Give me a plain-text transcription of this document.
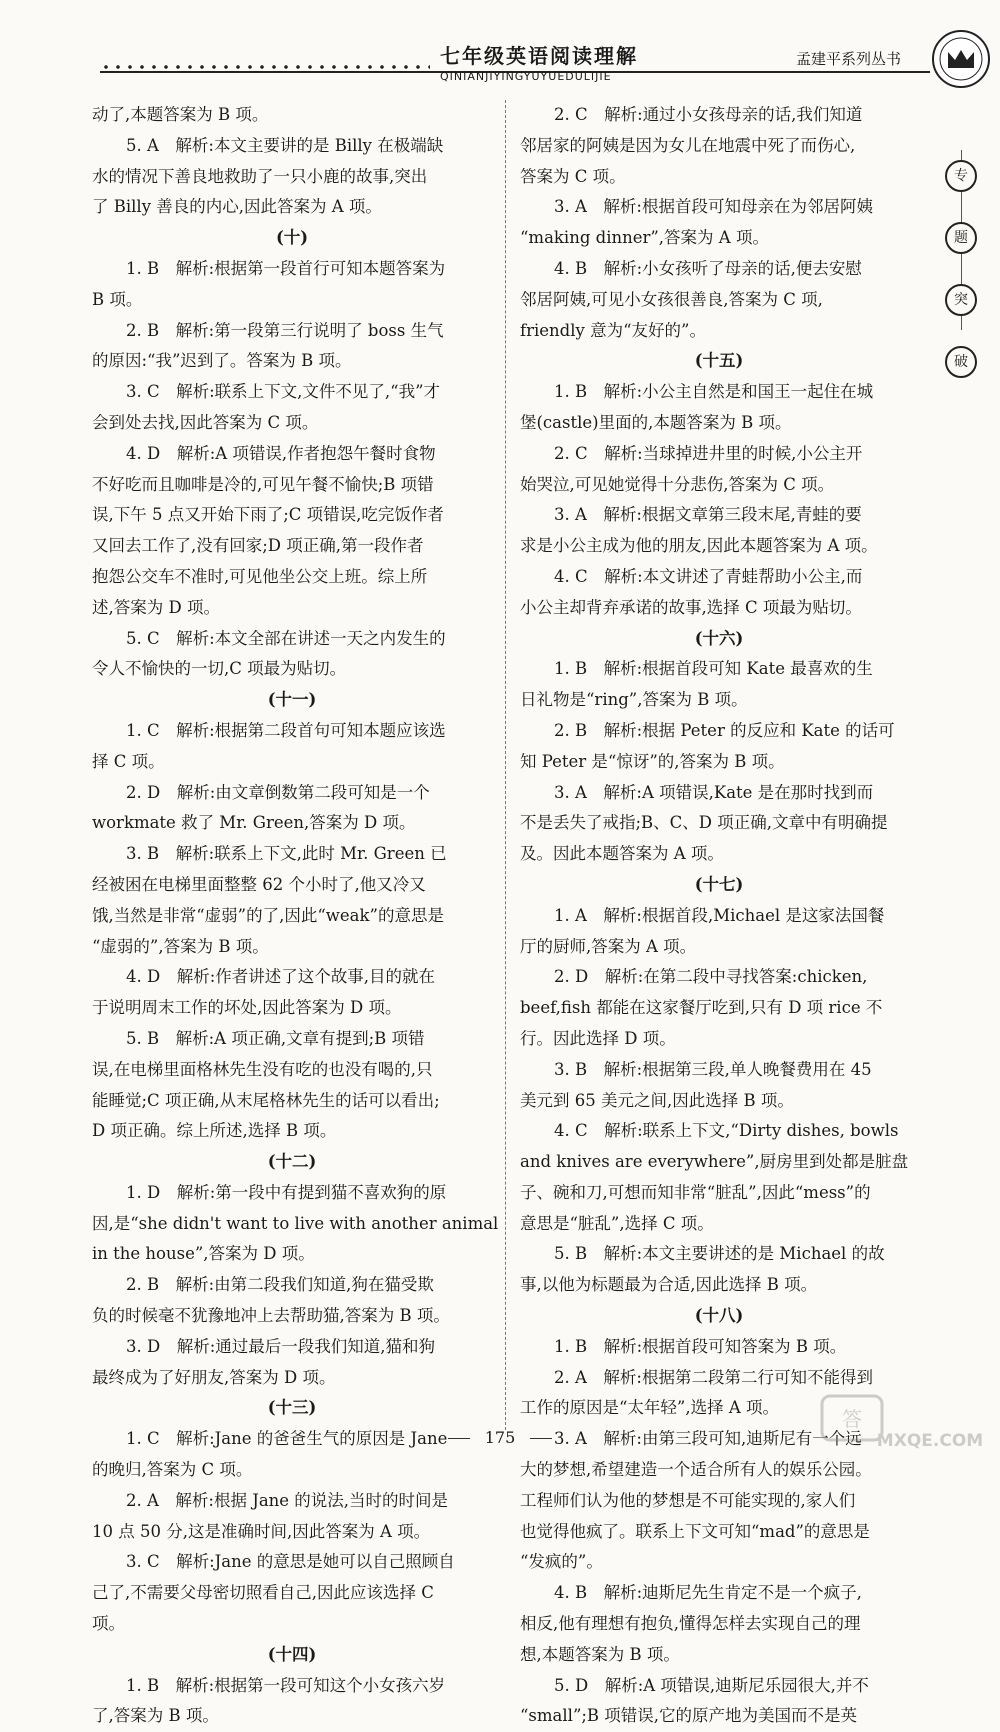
七年级英语阅读理解
QINIANJIYINGYUYUEDULIJIE
孟建平系列丛书
专
题
突
破
动了,本题答案为 B 项。
5. A　解析:本文主要讲的是 Billy 在极端缺
水的情况下善良地救助了一只小鹿的故事,突出
了 Billy 善良的内心,因此答案为 A 项。
(十)
1. B　解析:根据第一段首行可知本题答案为
B 项。
2. B　解析:第一段第三行说明了 boss 生气
的原因:“我”迟到了。答案为 B 项。
3. C　解析:联系上下文,文件不见了,“我”才
会到处去找,因此答案为 C 项。
4. D　解析:A 项错误,作者抱怨午餐时食物
不好吃而且咖啡是冷的,可见午餐不愉快;B 项错
误,下午 5 点又开始下雨了;C 项错误,吃完饭作者
又回去工作了,没有回家;D 项正确,第一段作者
抱怨公交车不准时,可见他坐公交上班。综上所
述,答案为 D 项。
5. C　解析:本文全部在讲述一天之内发生的
令人不愉快的一切,C 项最为贴切。
(十一)
1. C　解析:根据第二段首句可知本题应该选
择 C 项。
2. D　解析:由文章倒数第二段可知是一个
workmate 救了 Mr. Green,答案为 D 项。
3. B　解析:联系上下文,此时 Mr. Green 已
经被困在电梯里面整整 62 个小时了,他又冷又
饿,当然是非常“虚弱”的了,因此“weak”的意思是
“虚弱的”,答案为 B 项。
4. D　解析:作者讲述了这个故事,目的就在
于说明周末工作的坏处,因此答案为 D 项。
5. B　解析:A 项正确,文章有提到;B 项错
误,在电梯里面格林先生没有吃的也没有喝的,只
能睡觉;C 项正确,从末尾格林先生的话可以看出;
D 项正确。综上所述,选择 B 项。
(十二)
1. D　解析:第一段中有提到猫不喜欢狗的原
因,是“she didn't want to live with another animal
in the house”,答案为 D 项。
2. B　解析:由第二段我们知道,狗在猫受欺
负的时候毫不犹豫地冲上去帮助猫,答案为 B 项。
3. D　解析:通过最后一段我们知道,猫和狗
最终成为了好朋友,答案为 D 项。
(十三)
1. C　解析:Jane 的爸爸生气的原因是 Jane
的晚归,答案为 C 项。
2. A　解析:根据 Jane 的说法,当时的时间是
10 点 50 分,这是准确时间,因此答案为 A 项。
3. C　解析:Jane 的意思是她可以自己照顾自
己了,不需要父母密切照看自己,因此应该选择 C
项。
(十四)
1. B　解析:根据第一段可知这个小女孩六岁
了,答案为 B 项。
2. C　解析:通过小女孩母亲的话,我们知道
邻居家的阿姨是因为女儿在地震中死了而伤心,
答案为 C 项。
3. A　解析:根据首段可知母亲在为邻居阿姨
“making dinner”,答案为 A 项。
4. B　解析:小女孩听了母亲的话,便去安慰
邻居阿姨,可见小女孩很善良,答案为 C 项,
friendly 意为“友好的”。
(十五)
1. B　解析:小公主自然是和国王一起住在城
堡(castle)里面的,本题答案为 B 项。
2. C　解析:当球掉进井里的时候,小公主开
始哭泣,可见她觉得十分悲伤,答案为 C 项。
3. A　解析:根据文章第三段末尾,青蛙的要
求是小公主成为他的朋友,因此本题答案为 A 项。
4. C　解析:本文讲述了青蛙帮助小公主,而
小公主却背弃承诺的故事,选择 C 项最为贴切。
(十六)
1. B　解析:根据首段可知 Kate 最喜欢的生
日礼物是“ring”,答案为 B 项。
2. B　解析:根据 Peter 的反应和 Kate 的话可
知 Peter 是“惊讶”的,答案为 B 项。
3. A　解析:A 项错误,Kate 是在那时找到而
不是丢失了戒指;B、C、D 项正确,文章中有明确提
及。因此本题答案为 A 项。
(十七)
1. A　解析:根据首段,Michael 是这家法国餐
厅的厨师,答案为 A 项。
2. D　解析:在第二段中寻找答案:chicken,
beef,fish 都能在这家餐厅吃到,只有 D 项 rice 不
行。因此选择 D 项。
3. B　解析:根据第三段,单人晚餐费用在 45
美元到 65 美元之间,因此选择 B 项。
4. C　解析:联系上下文,“Dirty dishes, bowls
and knives are everywhere”,厨房里到处都是脏盘
子、碗和刀,可想而知非常“脏乱”,因此“mess”的
意思是“脏乱”,选择 C 项。
5. B　解析:本文主要讲述的是 Michael 的故
事,以他为标题最为合适,因此选择 B 项。
(十八)
1. B　解析:根据首段可知答案为 B 项。
2. A　解析:根据第二段第二行可知不能得到
工作的原因是“太年轻”,选择 A 项。
3. A　解析:由第三段可知,迪斯尼有一个远
大的梦想,希望建造一个适合所有人的娱乐公园。
工程师们认为他的梦想是不可能实现的,家人们
也觉得他疯了。联系上下文可知“mad”的意思是
“发疯的”。
4. B　解析:迪斯尼先生肯定不是一个疯子,
相反,他有理想有抱负,懂得怎样去实现自己的理
想,本题答案为 B 项。
5. D　解析:A 项错误,迪斯尼乐园很大,并不
“small”;B 项错误,它的原产地为美国而不是英
175
答
MXQE.COM
